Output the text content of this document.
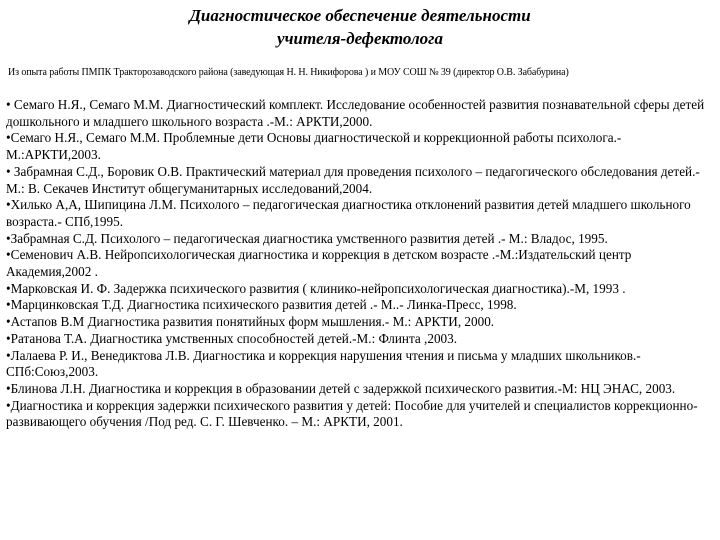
Диагностическое обеспечение деятельности
учителя-дефектолога
Из опыта работы ПМПК Тракторозаводского района (заведующая Н. Н. Никифорова ) и МОУ СОШ № 39 (директор О.В. Забабурина)
• Семаго Н.Я., Семаго М.М. Диагностический комплект. Исследование особенностей развития познавательной сферы детей дошкольного и младшего школьного возраста .-М.: АРКТИ,2000.
•Семаго Н.Я., Семаго М.М. Проблемные дети Основы диагностической и коррекционной работы психолога.-М.:АРКТИ,2003.
• Забрамная С.Д., Боровик О.В. Практический материал для проведения психолого – педагогического обследования детей.- М.: В. Секачев Институт общегуманитарных исследований,2004.
•Хилько А,А, Шипицина Л.М. Психолого – педагогическая диагностика отклонений развития детей младшего школьного возраста.- СПб,1995.
•Забрамная С.Д. Психолого – педагогическая диагностика умственного развития детей .- М.: Владос, 1995.
•Семенович А.В. Нейропсихологическая диагностика и коррекция в детском возрасте .-М.:Издательский центр Академия,2002 .
•Марковская И. Ф. Задержка психического развития ( клинико-нейропсихологическая диагностика).-М, 1993 .
•Марцинковская Т.Д. Диагностика психического развития детей .- М..- Линка-Пресс, 1998.
•Астапов В.М Диагностика развития понятийных форм мышления.- М.: АРКТИ, 2000.
•Ратанова Т.А. Диагностика умственных способностей детей.-М.: Флинта ,2003.
•Лалаева Р. И., Венедиктова Л.В. Диагностика и коррекция нарушения чтения и письма у младших школьников.- СПб:Союз,2003.
•Блинова Л.Н. Диагностика и коррекция в образовании детей с задержкой психического развития.-М: НЦ ЭНАС, 2003.
•Диагностика и коррекция задержки психического развития у детей: Пособие для учителей и специалистов коррекционно-развивающего обучения /Под ред. С. Г. Шевченко. – М.: АРКТИ, 2001.
